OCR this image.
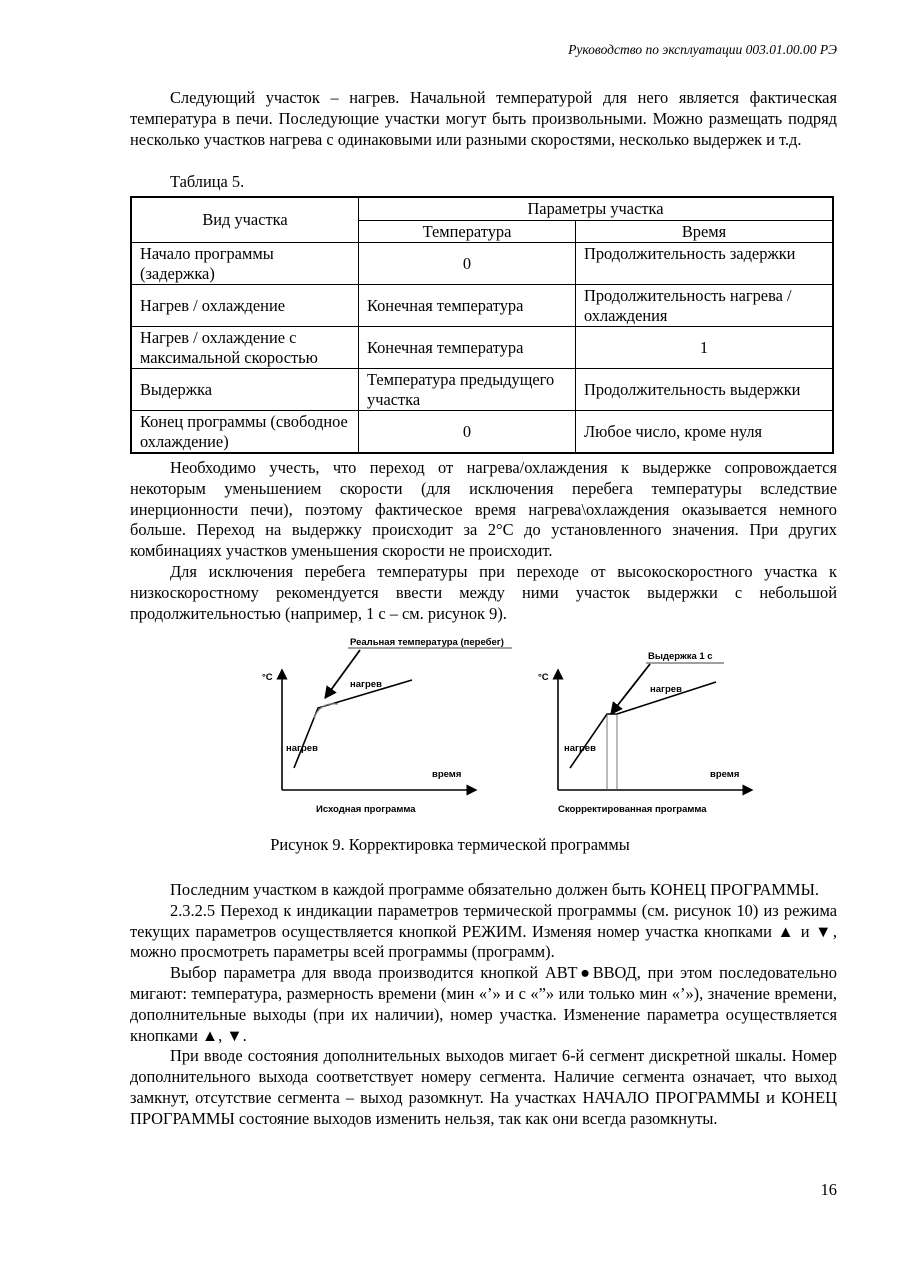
Руководство по эксплуатации 003.01.00.00 РЭ

Следующий участок – нагрев. Начальной температурой для него является фактическая температура в печи. Последующие участки могут быть произвольными. Можно размещать подряд несколько участков нагрева с одинаковыми или разными скоростями, несколько выдержек и т.д.

Таблица 5.
Вид участка	Параметры участка	
	Температура	Время
Начало программы (задержка)	0	Продолжительность задержки
Нагрев / охлаждение	Конечная температура	Продолжительность нагрева / охлаждения
Нагрев / охлаждение с максимальной скоростью	Конечная температура	1
Выдержка	Температура предыдущего участка	Продолжительность выдержки
Конец программы (свободное охлаждение)	0	Любое число, кроме нуля

Необходимо учесть, что переход от нагрева/охлаждения к выдержке сопровождается некоторым уменьшением скорости (для исключения перебега температуры вследствие инерционности печи), поэтому фактическое время нагрева\охлаждения оказывается немного больше. Переход на выдержку происходит за 2°С до установленного значения. При других комбинациях участков уменьшения скорости не происходит.

Для исключения перебега температуры при переходе от высокоскоростного участка к низкоскоростному рекомендуется ввести между ними участок выдержки с небольшой продолжительностью (например, 1 с – см. рисунок 9).

Реальная температура (перебег)
°С
нагрев
нагрев
время
Исходная программа
Выдержка 1 с
°С
нагрев
нагрев
время
Скорректированная программа
Рисунок 9. Корректировка термической программы

Последним участком в каждой программе обязательно должен быть КОНЕЦ ПРОГРАММЫ.

2.3.2.5 Переход к индикации параметров термической программы (см. рисунок 10) из режима текущих параметров осуществляется кнопкой РЕЖИМ. Изменяя номер участка кнопками ▲ и ▼, можно просмотреть параметры всей программы (программ).

Выбор параметра для ввода производится кнопкой АВТ●ВВОД, при этом последовательно мигают: температура, размерность времени (мин «’» и с «”» или только мин «’»), значение времени, дополнительные выходы (при их наличии), номер участка. Изменение параметра осуществляется кнопками ▲, ▼.

При вводе состояния дополнительных выходов мигает 6-й сегмент дискретной шкалы. Номер дополнительного выхода соответствует номеру сегмента. Наличие сегмента означает, что выход замкнут, отсутствие сегмента – выход разомкнут. На участках НАЧАЛО ПРОГРАММЫ и КОНЕЦ ПРОГРАММЫ состояние выходов изменить нельзя, так как они всегда разомкнуты.

16
